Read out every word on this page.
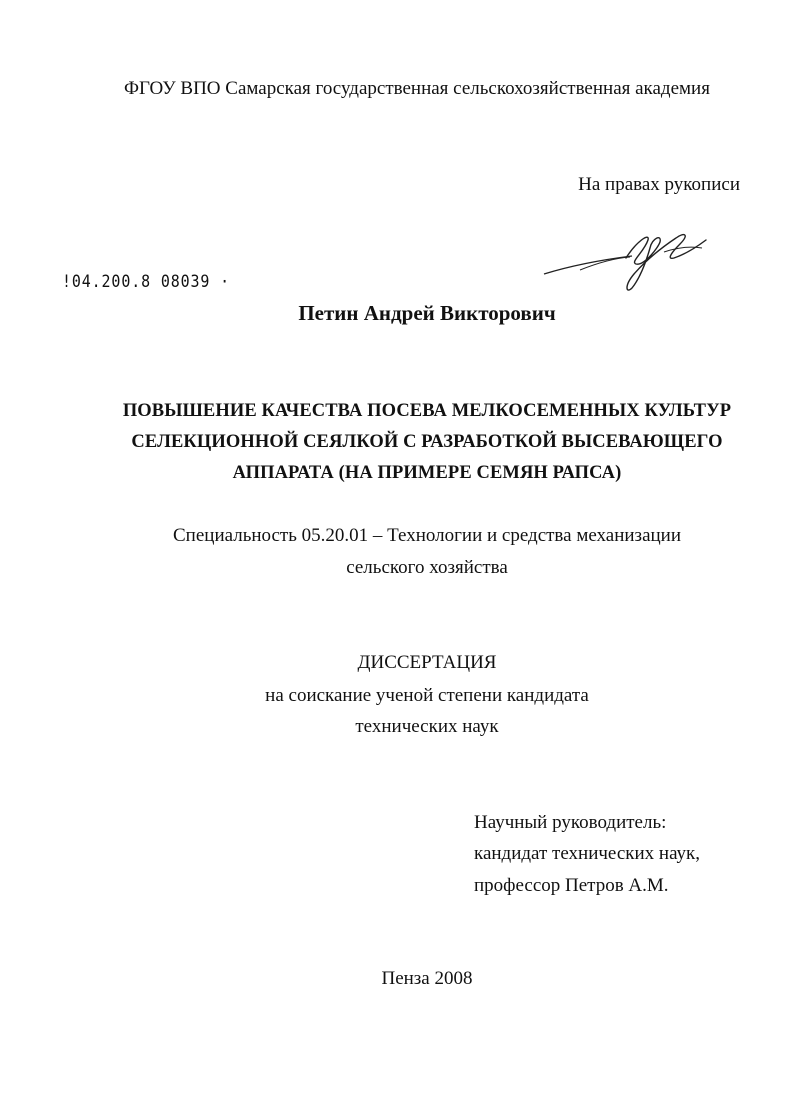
ФГОУ ВПО Самарская государственная сельскохозяйственная академия
На правах рукописи
!04.200.8 08039 ·
Петин Андрей Викторович
ПОВЫШЕНИЕ КАЧЕСТВА ПОСЕВА МЕЛКОСЕМЕННЫХ КУЛЬТУР
СЕЛЕКЦИОННОЙ СЕЯЛКОЙ С РАЗРАБОТКОЙ ВЫСЕВАЮЩЕГО
АППАРАТА (НА ПРИМЕРЕ СЕМЯН РАПСА)
Специальность 05.20.01 – Технологии и средства механизации
сельского хозяйства
ДИССЕРТАЦИЯ
на соискание ученой степени кандидата
технических наук
Научный руководитель:
кандидат технических наук,
профессор Петров А.М.
Пенза 2008
